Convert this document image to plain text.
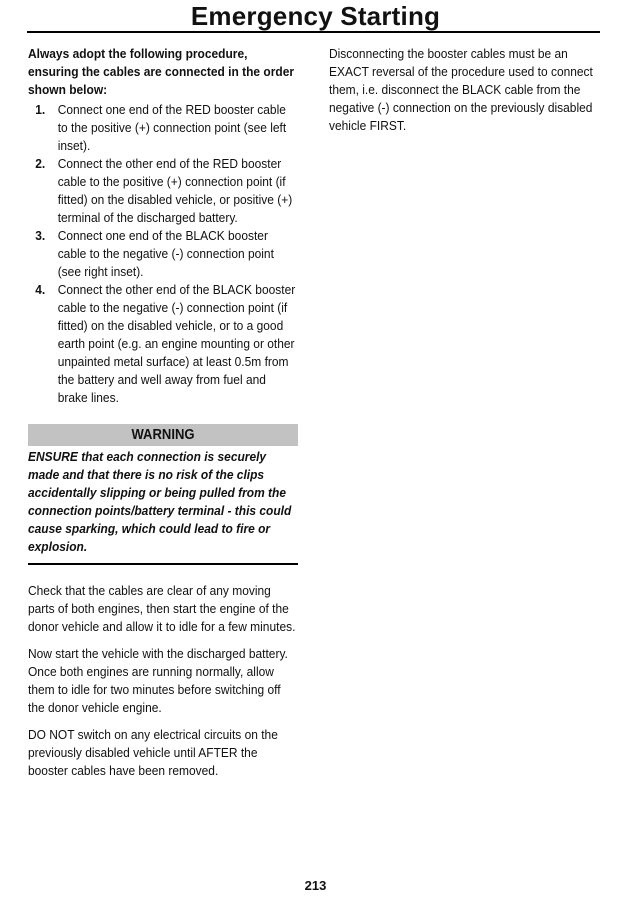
Emergency Starting

Always adopt the following procedure, ensuring the cables are connected in the order shown below:

1. Connect one end of the RED booster cable to the positive (+) connection point (see left inset).
2. Connect the other end of the RED booster cable to the positive (+) connection point (if fitted) on the disabled vehicle, or positive (+) terminal of the discharged battery.
3. Connect one end of the BLACK booster cable to the negative (-) connection point (see right inset).
4. Connect the other end of the BLACK booster cable to the negative (-) connection point (if fitted) on the disabled vehicle, or to a good earth point (e.g. an engine mounting or other unpainted metal surface) at least 0.5m from the battery and well away from fuel and brake lines.
WARNING
ENSURE that each connection is securely made and that there is no risk of the clips accidentally slipping or being pulled from the connection points/battery terminal - this could cause sparking, which could lead to fire or explosion.

Check that the cables are clear of any moving parts of both engines, then start the engine of the donor vehicle and allow it to idle for a few minutes.

Now start the vehicle with the discharged battery. Once both engines are running normally, allow them to idle for two minutes before switching off the donor vehicle engine.

DO NOT switch on any electrical circuits on the previously disabled vehicle until AFTER the booster cables have been removed.

Disconnecting the booster cables must be an EXACT reversal of the procedure used to connect them, i.e. disconnect the BLACK cable from the negative (-) connection on the previously disabled vehicle FIRST.

213
